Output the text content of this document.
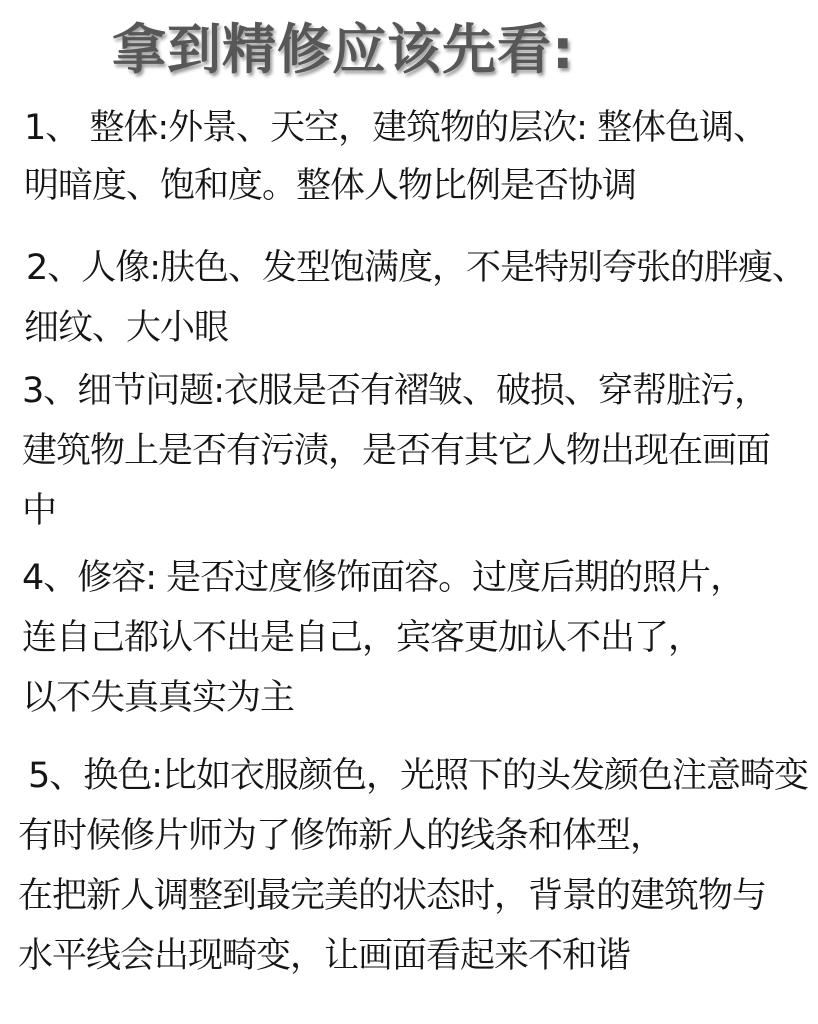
拿到精修应该先看:
1、 整体:外景、天空，建筑物的层次: 整体色调、
明暗度、饱和度。整体人物比例是否协调
2、人像:肤色、发型饱满度，不是特别夸张的胖瘦、
细纹、大小眼
3、细节问题:衣服是否有褶皱、破损、穿帮脏污，
建筑物上是否有污渍，是否有其它人物出现在画面
中
4、修容: 是否过度修饰面容。过度后期的照片，
连自己都认不出是自己，宾客更加认不出了，
以不失真真实为主
5、换色:比如衣服颜色，光照下的头发颜色注意畸变
有时候修片师为了修饰新人的线条和体型，
在把新人调整到最完美的状态时，背景的建筑物与
水平线会出现畸变，让画面看起来不和谐
